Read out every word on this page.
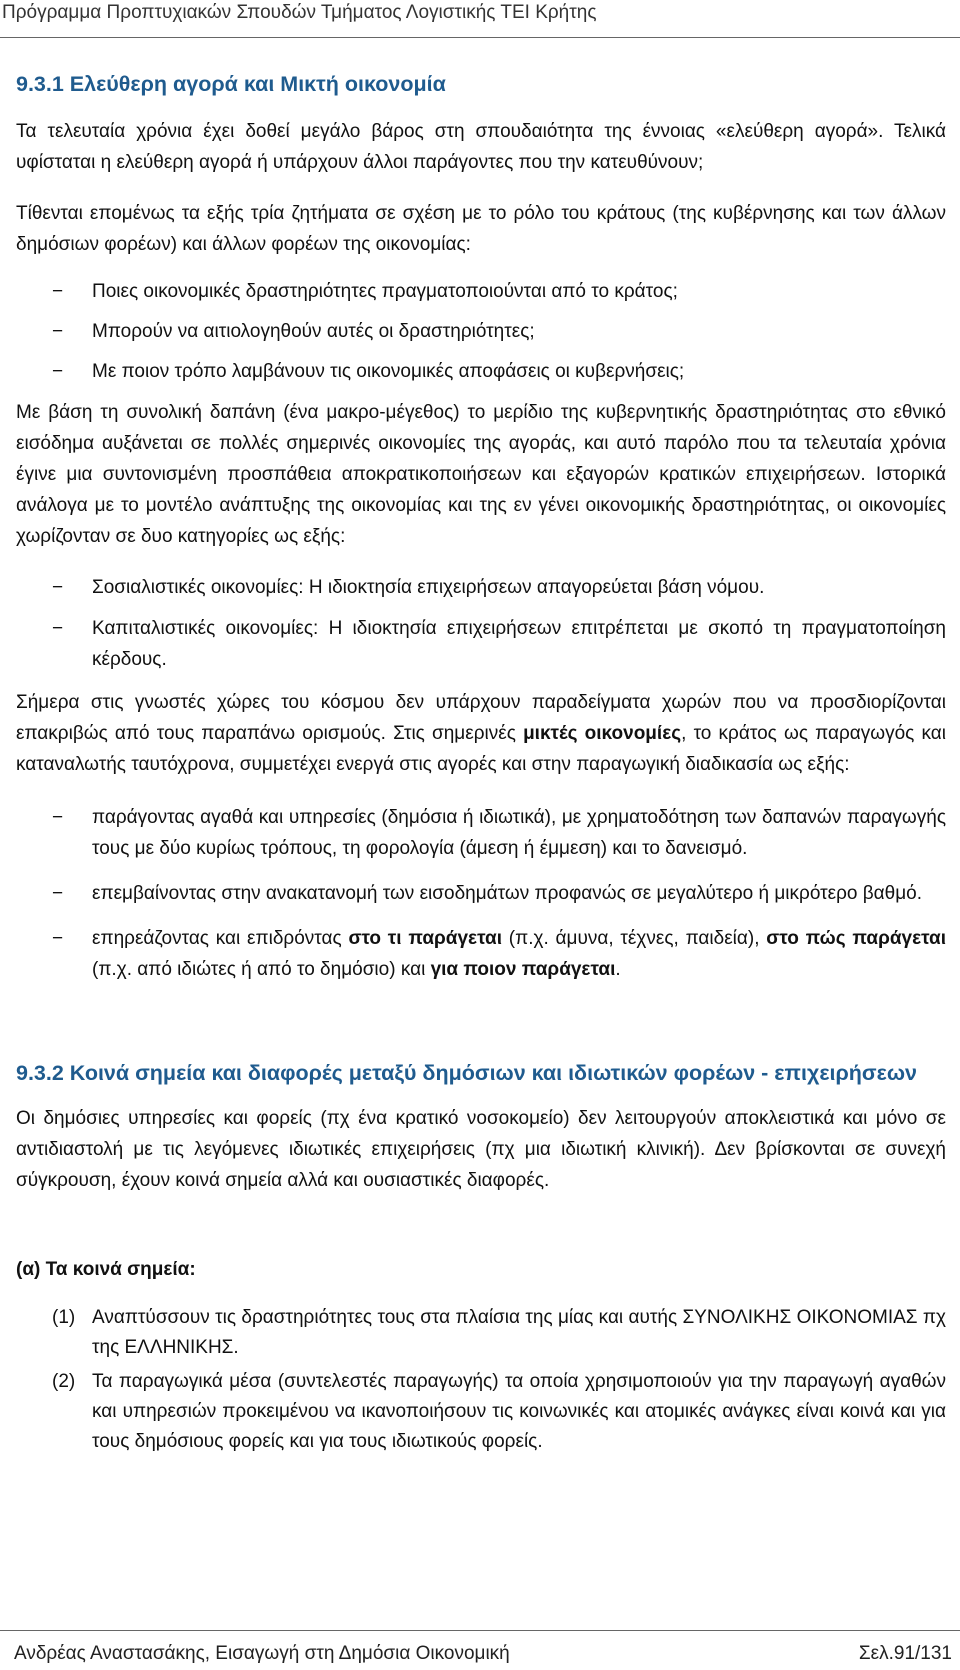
Πρόγραμμα Προπτυχιακών Σπουδών Τμήματος Λογιστικής ΤΕΙ Κρήτης
9.3.1 Ελεύθερη αγορά και Μικτή οικονομία

Τα τελευταία χρόνια έχει δοθεί μεγάλο βάρος στη σπουδαιότητα της έννοιας «ελεύθερη αγορά». Τελικά υφίσταται η ελεύθερη αγορά ή υπάρχουν άλλοι παράγοντες που την κατευθύνουν;

Τίθενται επομένως τα εξής τρία ζητήματα σε σχέση με το ρόλο του κράτους (της κυβέρνησης και των άλλων δημόσιων φορέων) και άλλων φορέων της οικονομίας:

−	Ποιες οικονομικές δραστηριότητες πραγματοποιούνται από το κράτος;
−	Μπορούν να αιτιολογηθούν αυτές οι δραστηριότητες;
−	Με ποιον τρόπο λαμβάνουν τις οικονομικές αποφάσεις οι κυβερνήσεις;

Με βάση τη συνολική δαπάνη (ένα μακρο-μέγεθος) το μερίδιο της κυβερνητικής δραστηριότητας στο εθνικό εισόδημα αυξάνεται σε πολλές σημερινές οικονομίες της αγοράς, και αυτό παρόλο που τα τελευταία χρόνια έγινε μια συντονισμένη προσπάθεια αποκρατικοποιήσεων και εξαγορών κρατικών επιχειρήσεων. Ιστορικά ανάλογα με το μοντέλο ανάπτυξης της οικονομίας και της εν γένει οικονομικής δραστηριότητας, οι οικονομίες χωρίζονταν σε δυο κατηγορίες ως εξής:

−	Σοσιαλιστικές οικονομίες: Η ιδιοκτησία επιχειρήσεων απαγορεύεται βάση νόμου.
−	Καπιταλιστικές οικονομίες: Η ιδιοκτησία επιχειρήσεων επιτρέπεται με σκοπό τη πραγματοποίηση κέρδους.

Σήμερα στις γνωστές χώρες του κόσμου δεν υπάρχουν παραδείγματα χωρών που να προσδιορίζονται επακριβώς από τους παραπάνω ορισμούς. Στις σημερινές μικτές οικονομίες, το κράτος ως παραγωγός και καταναλωτής ταυτόχρονα, συμμετέχει ενεργά στις αγορές και στην παραγωγική διαδικασία ως εξής:

−	παράγοντας αγαθά και υπηρεσίες (δημόσια ή ιδιωτικά), με χρηματοδότηση των δαπανών παραγωγής τους με δύο κυρίως τρόπους, τη φορολογία (άμεση ή έμμεση) και το δανεισμό.
−	επεμβαίνοντας στην ανακατανομή των εισοδημάτων προφανώς σε μεγαλύτερο ή μικρότερο βαθμό.
−	επηρεάζοντας και επιδρόντας στο τι παράγεται (π.χ. άμυνα, τέχνες, παιδεία), στο πώς παράγεται (π.χ. από ιδιώτες ή από το δημόσιο) και για ποιον παράγεται.
9.3.2 Κοινά σημεία και διαφορές μεταξύ δημόσιων και ιδιωτικών φορέων - επιχειρήσεων

Οι δημόσιες υπηρεσίες και φορείς (πχ ένα κρατικό νοσοκομείο) δεν λειτουργούν αποκλειστικά και μόνο σε αντιδιαστολή με τις λεγόμενες ιδιωτικές επιχειρήσεις (πχ μια ιδιωτική κλινική). Δεν βρίσκονται σε συνεχή σύγκρουση, έχουν κοινά σημεία αλλά και ουσιαστικές διαφορές.

(α) Τα κοινά σημεία:
(1) Αναπτύσσουν τις δραστηριότητες τους στα πλαίσια της μίας και αυτής ΣΥΝΟΛΙΚΗΣ ΟΙΚΟΝΟΜΙΑΣ πχ της ΕΛΛΗΝΙΚΗΣ.
(2) Τα παραγωγικά μέσα (συντελεστές παραγωγής) τα οποία χρησιμοποιούν για την παραγωγή αγαθών και υπηρεσιών προκειμένου να ικανοποιήσουν τις κοινωνικές και ατομικές ανάγκες είναι κοινά και για τους δημόσιους φορείς και για τους ιδιωτικούς φορείς.
Ανδρέας Αναστασάκης, Εισαγωγή στη Δημόσια Οικονομική	Σελ.91/131
